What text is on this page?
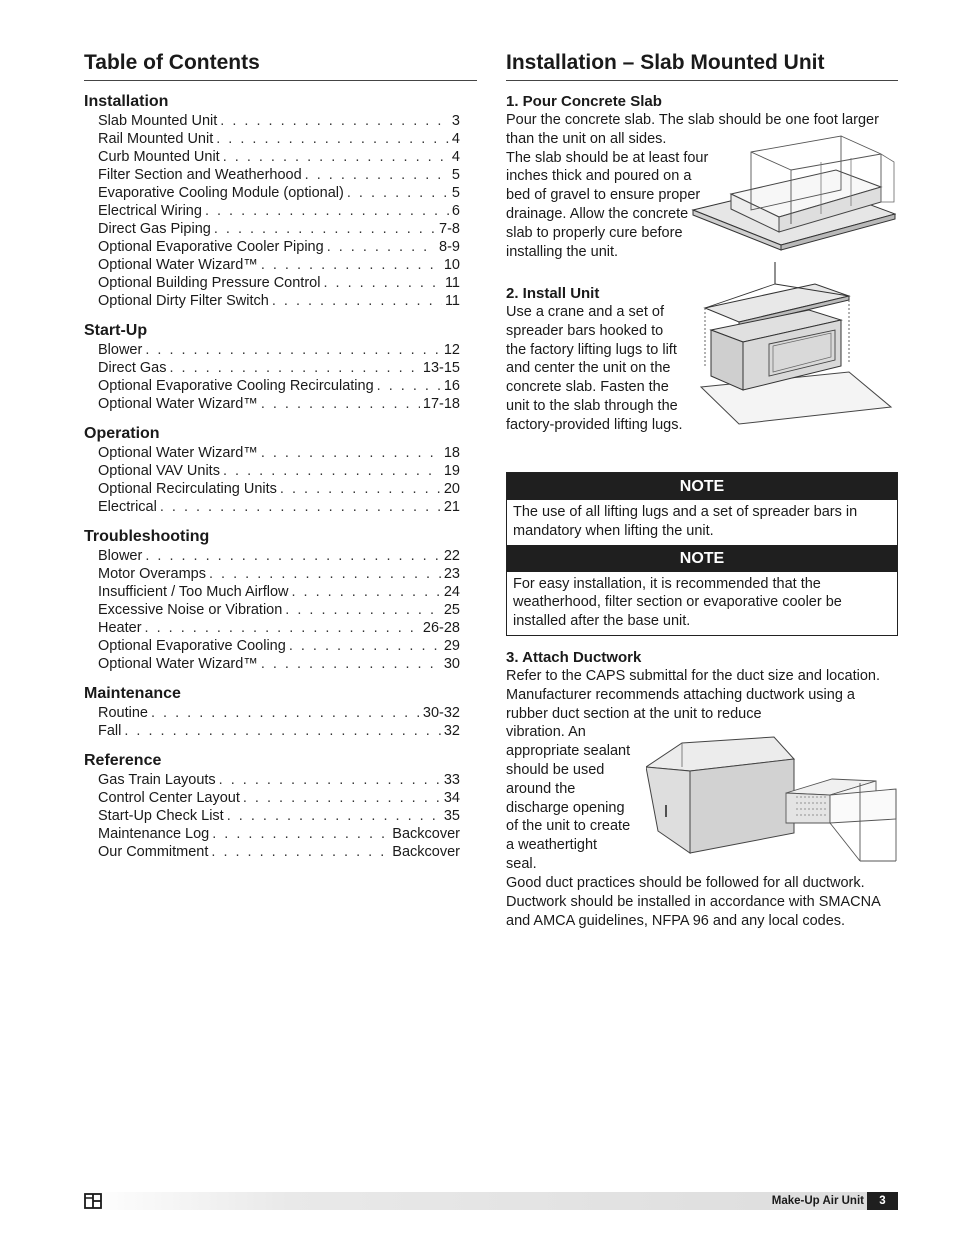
Table of Contents

Installation

Slab Mounted Unit . . .	3
Rail Mounted Unit . . .	4
Curb Mounted Unit . . .	4
Filter Section and Weatherhood . . .	5
Evaporative Cooling Module (optional) . . .	5
Electrical Wiring . . .	6
Direct Gas Piping . . .	7-8
Optional Evaporative Cooler Piping . . .	8-9
Optional Water Wizard™ . . .	10
Optional Building Pressure Control . . .	11
Optional Dirty Filter Switch . . .	11

Start-Up

Blower . . .	12
Direct Gas . . .	13-15
Optional Evaporative Cooling Recirculating . . .	16
Optional Water Wizard™ . . .	17-18

Operation

Optional Water Wizard™ . . .	18
Optional VAV Units . . .	19
Optional Recirculating Units . . .	20
Electrical . . .	21

Troubleshooting

Blower . . .	22
Motor Overamps . . .	23
Insufficient / Too Much Airflow . . .	24
Excessive Noise or Vibration . . .	25
Heater . . .	26-28
Optional Evaporative Cooling . . .	29
Optional Water Wizard™ . . .	30

Maintenance

Routine . . .	30-32
Fall . . .	32

Reference

Gas Train Layouts . . .	33
Control Center Layout . . .	34
Start-Up Check List . . .	35
Maintenance Log . . .	Backcover
Our Commitment . . .	Backcover
Installation – Slab Mounted Unit

1. Pour Concrete Slab

Pour the concrete slab. The slab should be one foot larger than the unit on all sides.

The slab should be at least four inches thick and poured on a bed of gravel to ensure proper drainage. Allow the concrete slab to properly cure before installing the unit.

2. Install Unit

Use a crane and a set of spreader bars hooked to the factory lifting lugs to lift and center the unit on the concrete slab. Fasten the unit to the slab through the factory-provided lifting lugs.

NOTE
The use of all lifting lugs and a set of spreader bars in mandatory when lifting the unit.
NOTE
For easy installation, it is recommended that the weatherhood, filter section or evaporative cooler be installed after the base unit.

3. Attach Ductwork

Refer to the CAPS submittal for the duct size and location. Manufacturer recommends attaching ductwork using a rubber duct section at the unit to reduce

vibration. An appropriate sealant should be used around the discharge opening of the unit to create a weathertight seal.

Good duct practices should be followed for all ductwork. Ductwork should be installed in accordance with SMACNA and AMCA guidelines, NFPA 96 and any local codes.

Make-Up Air Unit	3
